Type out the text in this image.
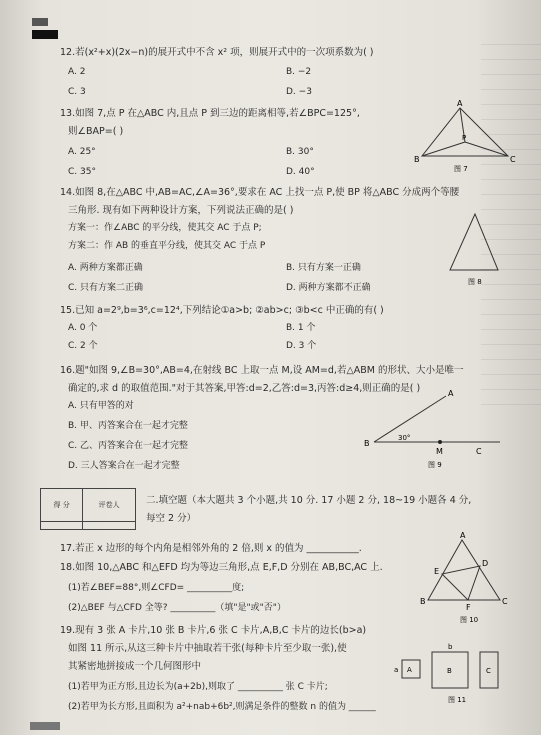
12.若(x²+x)(2x−n)的展开式中不含 x² 项，则展开式中的一次项系数为( )
A. 2	B. −2
C. 3	D. −3
13.如图 7,点 P 在△ABC 内,且点 P 到三边的距离相等,若∠BPC=125°,
则∠BAP=( )
A. 25°	B. 30°
C. 35°	D. 40°
A
B	C
P
图 7
14.如图 8,在△ABC 中,AB=AC,∠A=36°,要求在 AC 上找一点 P,使 BP 将△ABC 分成两个等腰
三角形. 现有如下两种设计方案，下列说法正确的是( )
方案一：作∠ABC 的平分线，使其交 AC 于点 P;
方案二：作 AB 的垂直平分线，使其交 AC 于点 P
A. 两种方案都正确	B. 只有方案一正确
C. 只有方案二正确	D. 两种方案都不正确
图 8
15.已知 a=2⁹,b=3⁶,c=12⁴,下列结论①a>b; ②ab>c; ③b<c 中正确的有( )
A. 0 个	B. 1 个
C. 2 个	D. 3 个
16.题"如图 9,∠B=30°,AB=4,在射线 BC 上取一点 M,设 AM=d,若△ABM 的形状、大小是唯一
确定的,求 d 的取值范围."对于其答案,甲答:d=2,乙答:d=3,丙答:d≥4,则正确的是( )
A. 只有甲答的对
B. 甲、丙答案合在一起才完整
C. 乙、丙答案合在一起才完整
D. 三人答案合在一起才完整
A
B
30°
M	C
图 9
得 分	评卷人
		二.填空题（本大题共 3 个小题,共 10 分. 17 小题 2 分, 18~19 小题各 4 分,
每空 2 分）
17.若正 x 边形的每个内角是相邻外角的 2 倍,则 x 的值为 ___________.
18.如图 10,△ABC 和△EFD 均为等边三角形,点 E,F,D 分别在 AB,BC,AC 上.
(1)若∠BEF=88°,则∠CFD= __________度;
(2)△BEF 与△CFD 全等? __________（填"是"或"否"）
A
B	C
D
E
F
图 10
19.现有 3 张 A 卡片,10 张 B 卡片,6 张 C 卡片,A,B,C 卡片的边长(b>a)
如图 11 所示,从这三种卡片中抽取若干张(每种卡片至少取一张),使
其紧密地拼接成一个几何图形中
(1)若甲为正方形,且边长为(a+2b),则取了 __________ 张 C 卡片;
(2)若甲为长方形,且面积为 a²+nab+6b²,则满足条件的整数 n 的值为 ______
A
a
b
B	C
图 11
